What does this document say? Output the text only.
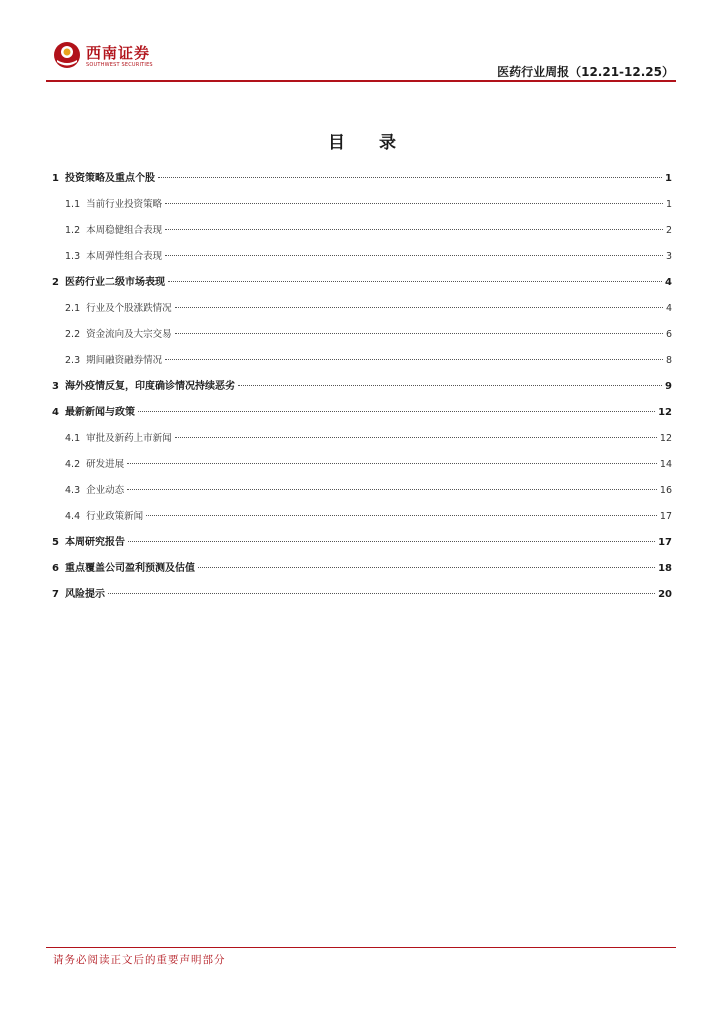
西南证券
SOUTHWEST SECURITIES	医药行业周报（12.21-12.25）
目 录
1 投资策略及重点个股	1
1.1 当前行业投资策略	1
1.2 本周稳健组合表现	2
1.3 本周弹性组合表现	3
2 医药行业二级市场表现	4
2.1 行业及个股涨跌情况	4
2.2 资金流向及大宗交易	6
2.3 期间融资融券情况	8
3 海外疫情反复，印度确诊情况持续恶劣	9
4 最新新闻与政策	12
4.1 审批及新药上市新闻	12
4.2 研发进展	14
4.3 企业动态	16
4.4 行业政策新闻	17
5 本周研究报告	17
6 重点覆盖公司盈利预测及估值	18
7 风险提示	20
请务必阅读正文后的重要声明部分
